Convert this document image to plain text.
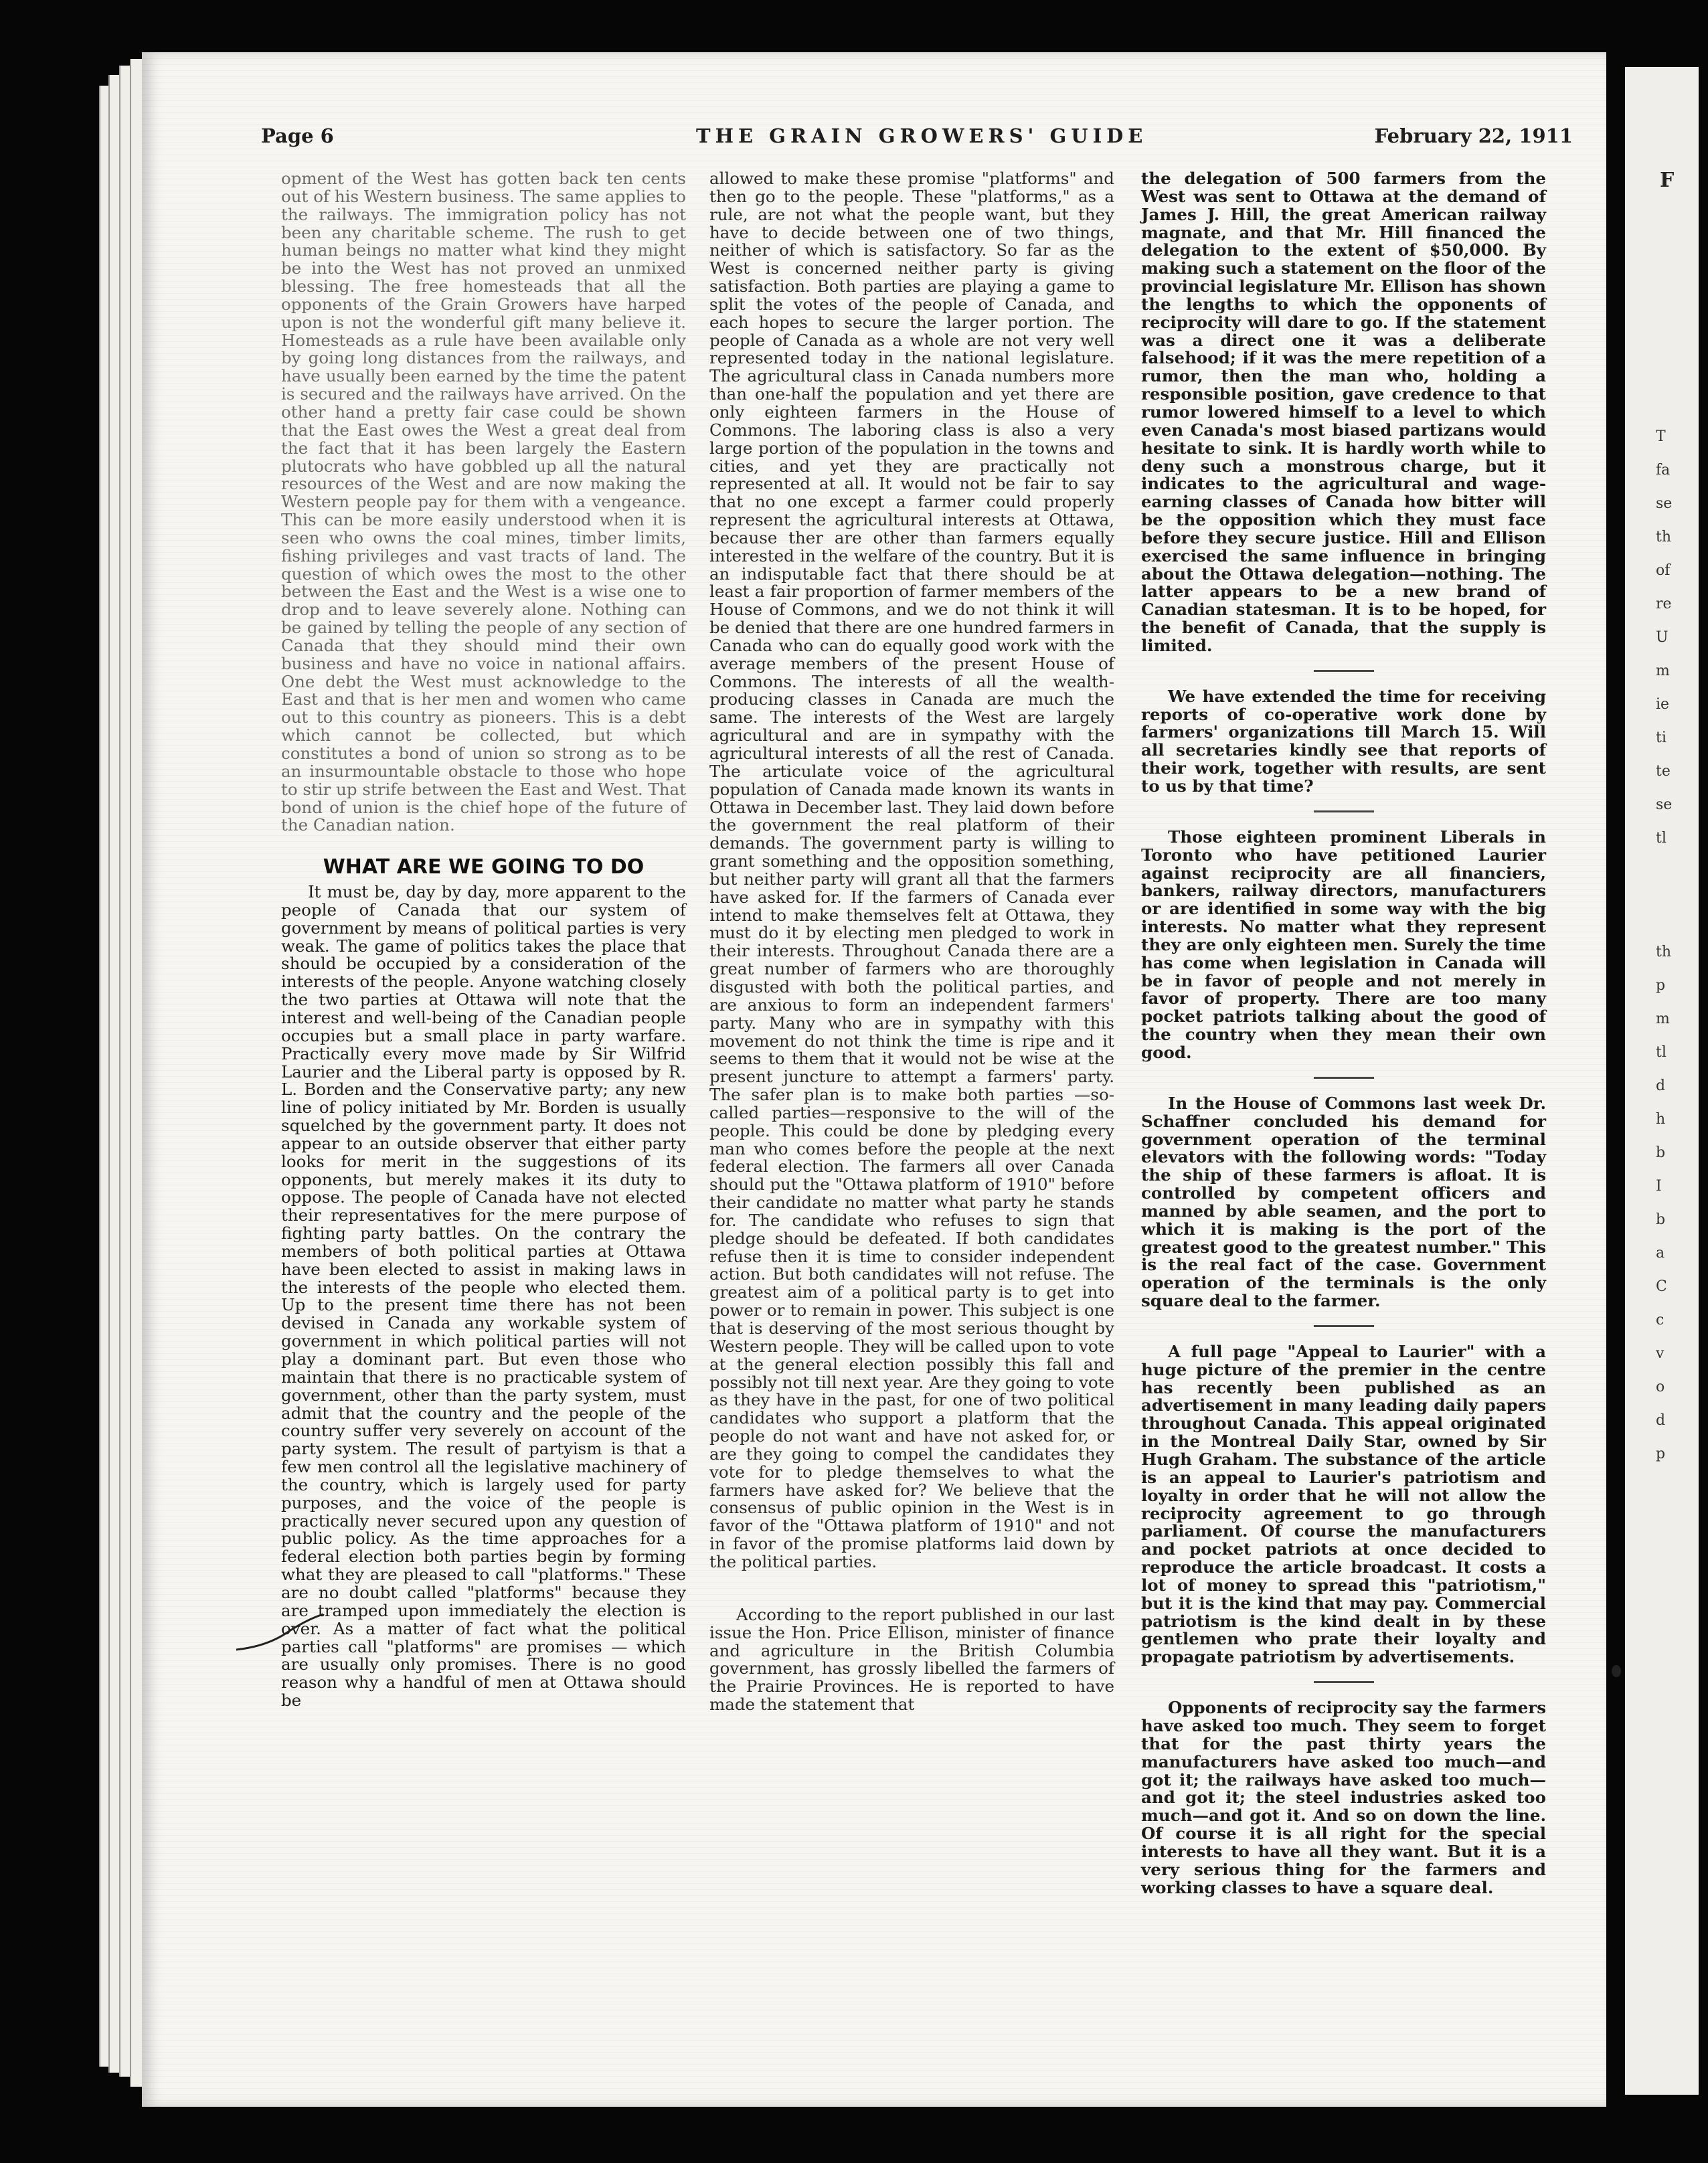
F
T
fa
se
th
of
re
U
m
ie
ti
te
se
tl
th
p
m
tl
d
h
b
I
b
a
C
c
v
o
d
p
Page 6	THE GRAIN GROWERS' GUIDE	February 22, 1911

opment of the West has gotten back ten cents out of his Western business. The same applies to the railways. The immigration policy has not been any charitable scheme. The rush to get human beings no matter what kind they might be into the West has not proved an unmixed blessing. The free homesteads that all the opponents of the Grain Growers have harped upon is not the wonderful gift many believe it. Homesteads as a rule have been available only by going long distances from the railways, and have usually been earned by the time the patent is secured and the railways have arrived. On the other hand a pretty fair case could be shown that the East owes the West a great deal from the fact that it has been largely the Eastern plutocrats who have gobbled up all the natural resources of the West and are now making the Western people pay for them with a vengeance. This can be more easily understood when it is seen who owns the coal mines, timber limits, fishing privileges and vast tracts of land. The question of which owes the most to the other between the East and the West is a wise one to drop and to leave severely alone. Nothing can be gained by telling the people of any section of Canada that they should mind their own business and have no voice in national affairs. One debt the West must acknowledge to the East and that is her men and women who came out to this country as pioneers. This is a debt which cannot be collected, but which constitutes a bond of union so strong as to be an insurmountable obstacle to those who hope to stir up strife between the East and West. That bond of union is the chief hope of the future of the Canadian nation.

WHAT ARE WE GOING TO DO

It must be, day by day, more apparent to the people of Canada that our system of government by means of political parties is very weak. The game of politics takes the place that should be occupied by a consideration of the interests of the people. Anyone watching closely the two parties at Ottawa will note that the interest and well-being of the Canadian people occupies but a small place in party warfare. Practically every move made by Sir Wilfrid Laurier and the Liberal party is opposed by R. L. Borden and the Conservative party; any new line of policy initiated by Mr. Borden is usually squelched by the government party. It does not appear to an outside observer that either party looks for merit in the suggestions of its opponents, but merely makes it its duty to oppose. The people of Canada have not elected their representatives for the mere purpose of fighting party battles. On the contrary the members of both political parties at Ottawa have been elected to assist in making laws in the interests of the people who elected them. Up to the present time there has not been devised in Canada any workable system of government in which political parties will not play a dominant part. But even those who maintain that there is no practicable system of government, other than the party system, must admit that the country and the people of the country suffer very severely on account of the party system. The result of partyism is that a few men control all the legislative machinery of the country, which is largely used for party purposes, and the voice of the people is practically never secured upon any question of public policy. As the time approaches for a federal election both parties begin by forming what they are pleased to call "platforms." These are no doubt called "platforms" because they are tramped upon immediately the election is over. As a matter of fact what the political parties call "platforms" are promises — which are usually only promises. There is no good reason why a handful of men at Ottawa should be

allowed to make these promise "platforms" and then go to the people. These "platforms," as a rule, are not what the people want, but they have to decide between one of two things, neither of which is satisfactory. So far as the West is concerned neither party is giving satisfaction. Both parties are playing a game to split the votes of the people of Canada, and each hopes to secure the larger portion. The people of Canada as a whole are not very well represented today in the national legislature. The agricultural class in Canada numbers more than one-half the population and yet there are only eighteen farmers in the House of Commons. The laboring class is also a very large portion of the population in the towns and cities, and yet they are practically not represented at all. It would not be fair to say that no one except a farmer could properly represent the agricultural interests at Ottawa, because ther are other than farmers equally interested in the welfare of the country. But it is an indisputable fact that there should be at least a fair proportion of farmer members of the House of Commons, and we do not think it will be denied that there are one hundred farmers in Canada who can do equally good work with the average members of the present House of Commons. The interests of all the wealth-producing classes in Canada are much the same. The interests of the West are largely agricultural and are in sympathy with the agricultural interests of all the rest of Canada. The articulate voice of the agricultural population of Canada made known its wants in Ottawa in December last. They laid down before the government the real platform of their demands. The government party is willing to grant something and the opposition something, but neither party will grant all that the farmers have asked for. If the farmers of Canada ever intend to make themselves felt at Ottawa, they must do it by electing men pledged to work in their interests. Throughout Canada there are a great number of farmers who are thoroughly disgusted with both the political parties, and are anxious to form an independent farmers' party. Many who are in sympathy with this movement do not think the time is ripe and it seems to them that it would not be wise at the present juncture to attempt a farmers' party. The safer plan is to make both parties —so-called parties—responsive to the will of the people. This could be done by pledging every man who comes before the people at the next federal election. The farmers all over Canada should put the "Ottawa platform of 1910" before their candidate no matter what party he stands for. The candidate who refuses to sign that pledge should be defeated. If both candidates refuse then it is time to consider independent action. But both candidates will not refuse. The greatest aim of a political party is to get into power or to remain in power. This subject is one that is deserving of the most serious thought by Western people. They will be called upon to vote at the general election possibly this fall and possibly not till next year. Are they going to vote as they have in the past, for one of two political candidates who support a platform that the people do not want and have not asked for, or are they going to compel the candidates they vote for to pledge themselves to what the farmers have asked for? We believe that the consensus of public opinion in the West is in favor of the "Ottawa platform of 1910" and not in favor of the promise platforms laid down by the political parties.

According to the report published in our last issue the Hon. Price Ellison, minister of finance and agriculture in the British Columbia government, has grossly libelled the farmers of the Prairie Provinces. He is reported to have made the statement that

the delegation of 500 farmers from the West was sent to Ottawa at the demand of James J. Hill, the great American railway magnate, and that Mr. Hill financed the delegation to the extent of $50,000. By making such a statement on the floor of the provincial legislature Mr. Ellison has shown the lengths to which the opponents of reciprocity will dare to go. If the statement was a direct one it was a deliberate falsehood; if it was the mere repetition of a rumor, then the man who, holding a responsible position, gave credence to that rumor lowered himself to a level to which even Canada's most biased partizans would hesitate to sink. It is hardly worth while to deny such a monstrous charge, but it indicates to the agricultural and wage-earning classes of Canada how bitter will be the opposition which they must face before they secure justice. Hill and Ellison exercised the same influence in bringing about the Ottawa delegation—nothing. The latter appears to be a new brand of Canadian statesman. It is to be hoped, for the benefit of Canada, that the supply is limited.

We have extended the time for receiving reports of co-operative work done by farmers' organizations till March 15. Will all secretaries kindly see that reports of their work, together with results, are sent to us by that time?

Those eighteen prominent Liberals in Toronto who have petitioned Laurier against reciprocity are all financiers, bankers, railway directors, manufacturers or are identified in some way with the big interests. No matter what they represent they are only eighteen men. Surely the time has come when legislation in Canada will be in favor of people and not merely in favor of property. There are too many pocket patriots talking about the good of the country when they mean their own good.

In the House of Commons last week Dr. Schaffner concluded his demand for government operation of the terminal elevators with the following words: "Today the ship of these farmers is afloat. It is controlled by competent officers and manned by able seamen, and the port to which it is making is the port of the greatest good to the greatest number." This is the real fact of the case. Government operation of the terminals is the only square deal to the farmer.

A full page "Appeal to Laurier" with a huge picture of the premier in the centre has recently been published as an advertisement in many leading daily papers throughout Canada. This appeal originated in the Montreal Daily Star, owned by Sir Hugh Graham. The substance of the article is an appeal to Laurier's patriotism and loyalty in order that he will not allow the reciprocity agreement to go through parliament. Of course the manufacturers and pocket patriots at once decided to reproduce the article broadcast. It costs a lot of money to spread this "patriotism," but it is the kind that may pay. Commercial patriotism is the kind dealt in by these gentlemen who prate their loyalty and propagate patriotism by advertisements.

Opponents of reciprocity say the farmers have asked too much. They seem to forget that for the past thirty years the manufacturers have asked too much—and got it; the railways have asked too much—and got it; the steel industries asked too much—and got it. And so on down the line. Of course it is all right for the special interests to have all they want. But it is a very serious thing for the farmers and working classes to have a square deal.
